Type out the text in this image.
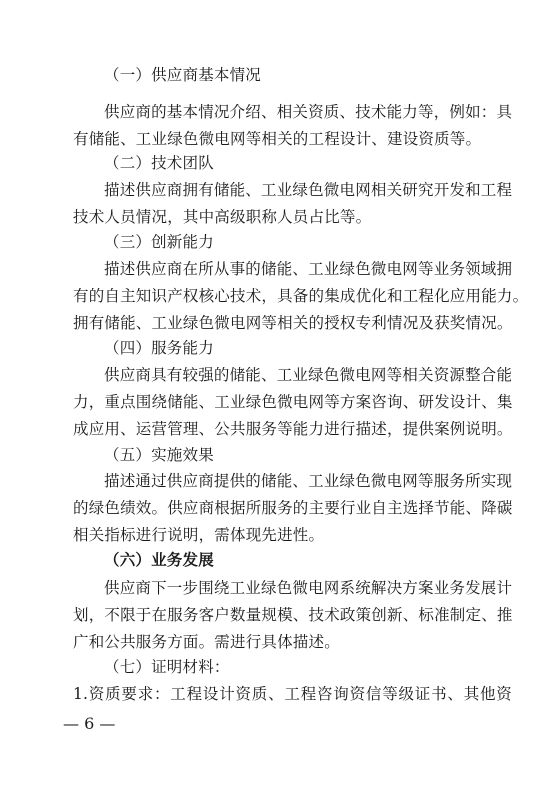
（一）供应商基本情况
供应商的基本情况介绍、相关资质、技术能力等，例如：具
有储能、工业绿色微电网等相关的工程设计、建设资质等。
（二）技术团队
描述供应商拥有储能、工业绿色微电网相关研究开发和工程
技术人员情况，其中高级职称人员占比等。
（三）创新能力
描述供应商在所从事的储能、工业绿色微电网等业务领域拥
有的自主知识产权核心技术，具备的集成优化和工程化应用能力。
拥有储能、工业绿色微电网等相关的授权专利情况及获奖情况。
（四）服务能力
供应商具有较强的储能、工业绿色微电网等相关资源整合能
力，重点围绕储能、工业绿色微电网等方案咨询、研发设计、集
成应用、运营管理、公共服务等能力进行描述，提供案例说明。
（五）实施效果
描述通过供应商提供的储能、工业绿色微电网等服务所实现
的绿色绩效。供应商根据所服务的主要行业自主选择节能、降碳
相关指标进行说明，需体现先进性。
（六）业务发展
供应商下一步围绕工业绿色微电网系统解决方案业务发展计
划，不限于在服务客户数量规模、技术政策创新、标准制定、推
广和公共服务方面。需进行具体描述。
（七）证明材料：
1.资质要求：工程设计资质、工程咨询资信等级证书、其他资
— 6 —
